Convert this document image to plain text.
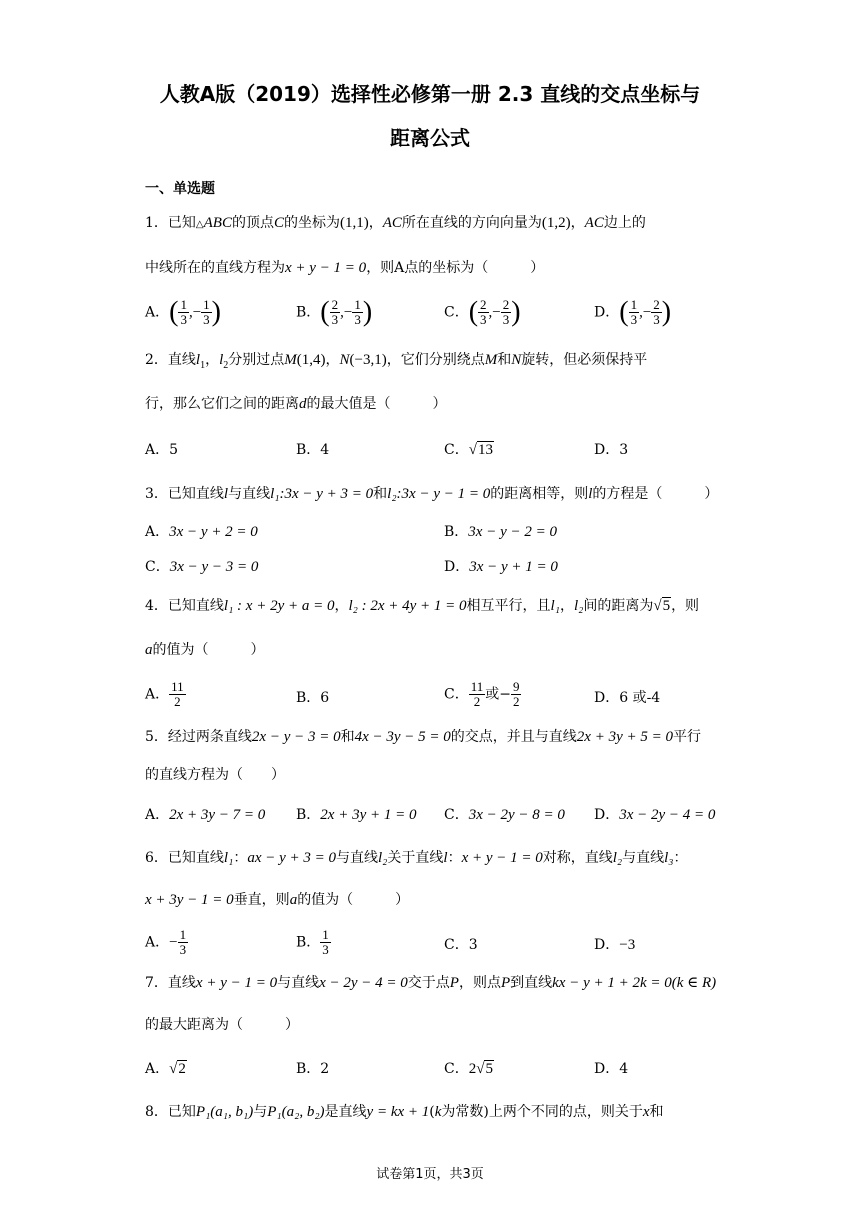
人教A版（2019）选择性必修第一册 2.3 直线的交点坐标与
距离公式
一、单选题
1．已知△ABC的顶点C的坐标为(1,1)，AC所在直线的方向向量为(1,2)，AC边上的
中线所在的直线方程为x + y − 1 = 0，则A点的坐标为（　　　）
A．( $\frac{1}{3}$ ,− $\frac{1}{3}$ )	B．( $\frac{2}{3}$ ,− $\frac{1}{3}$ )	C．( $\frac{2}{3}$ ,− $\frac{2}{3}$ )	D．( $\frac{1}{3}$ ,− $\frac{2}{3}$ )
2．直线$l_1$，$l_2$分别过点M(1,4)，N(−3,1)，它们分别绕点M和N旋转，但必须保持平
行，那么它们之间的距离d的最大值是（　　　）
A．5	B．4	C．√13	D．3
3．已知直线l与直线l₁:3x − y + 3 = 0和l₂:3x − y − 1 = 0的距离相等，则l的方程是（　　　）
A．3x − y + 2 = 0	B．3x − y − 2 = 0
C．3x − y − 3 = 0	D．3x − y + 1 = 0
4．已知直线l₁ : x + 2y + a = 0，l₂ : 2x + 4y + 1 = 0相互平行，且l₁，l₂间的距离为√5，则
a的值为（　　　）
A． $\frac{11}{2}$	B．6	C． $\frac{11}{2}$ 或− $\frac{9}{2}$	D．6 或-4
5．经过两条直线2x − y − 3 = 0和4x − 3y − 5 = 0的交点，并且与直线2x + 3y + 5 = 0平行
的直线方程为（　　）
A．2x + 3y − 7 = 0 B．2x + 3y + 1 = 0 C．3x − 2y − 8 = 0 D．3x − 2y − 4 = 0
6．已知直线l₁：ax − y + 3 = 0与直线l₂关于直线l：x + y − 1 = 0对称，直线l₂与直线l₃：
x + 3y − 1 = 0垂直，则a的值为（　　　）
A．− $\frac{1}{3}$	B． $\frac{1}{3}$	C．3	D．−3
7．直线x + y − 1 = 0与直线x − 2y − 4 = 0交于点P，则点P到直线kx − y + 1 + 2k = 0(k ∈ R)
的最大距离为（　　　）
A．√2	B．2	C．2√5	D．4
8．已知P₁(a₁, b₁)与P₁(a₂, b₂)是直线y = kx + 1(k为常数)上两个不同的点，则关于x和
试卷第1页，共3页
